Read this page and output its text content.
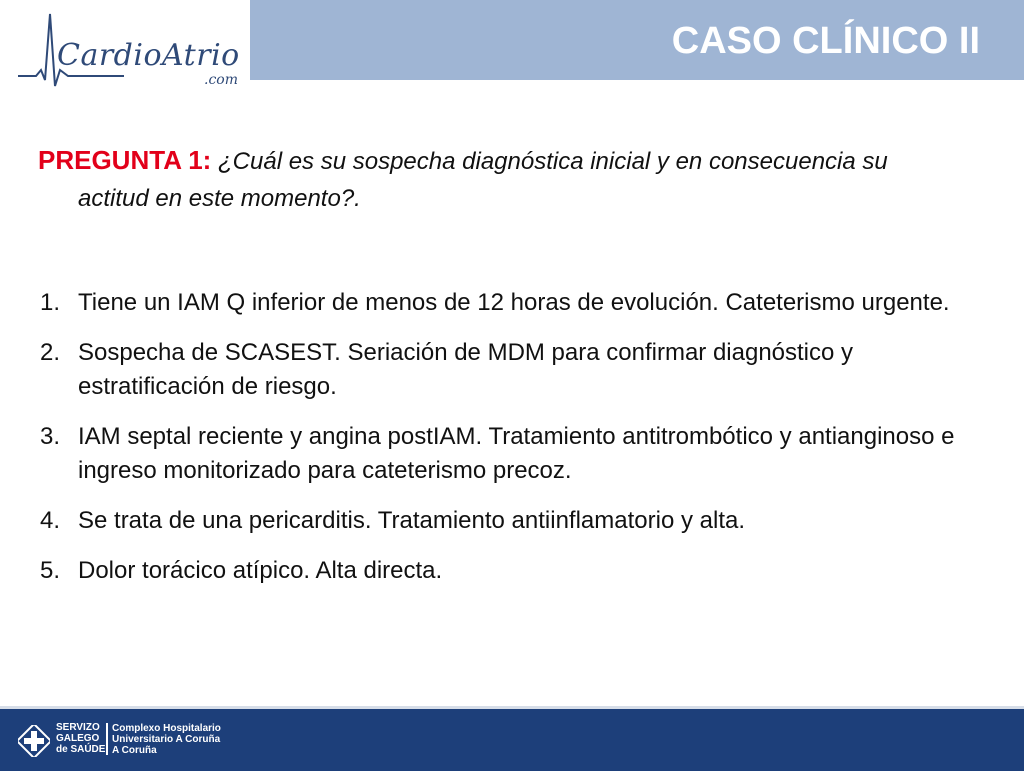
CASO CLÍNICO II
CardioAtrio
.com
PREGUNTA 1: ¿Cuál es su sospecha diagnóstica inicial y en consecuencia su actitud en este momento?.
1. Tiene un IAM Q inferior de menos de 12 horas de evolución. Cateterismo urgente.
2. Sospecha de SCASEST. Seriación de MDM para confirmar diagnóstico y estratificación de riesgo.
3. IAM septal reciente y angina postIAM. Tratamiento antitrombótico y antianginoso e ingreso monitorizado para cateterismo precoz.
4. Se trata de una pericarditis. Tratamiento antiinflamatorio y alta.
5. Dolor torácico atípico. Alta directa.
SERVIZO
GALEGO
de SAÚDE
Complexo Hospitalario
Universitario A Coruña
A Coruña
